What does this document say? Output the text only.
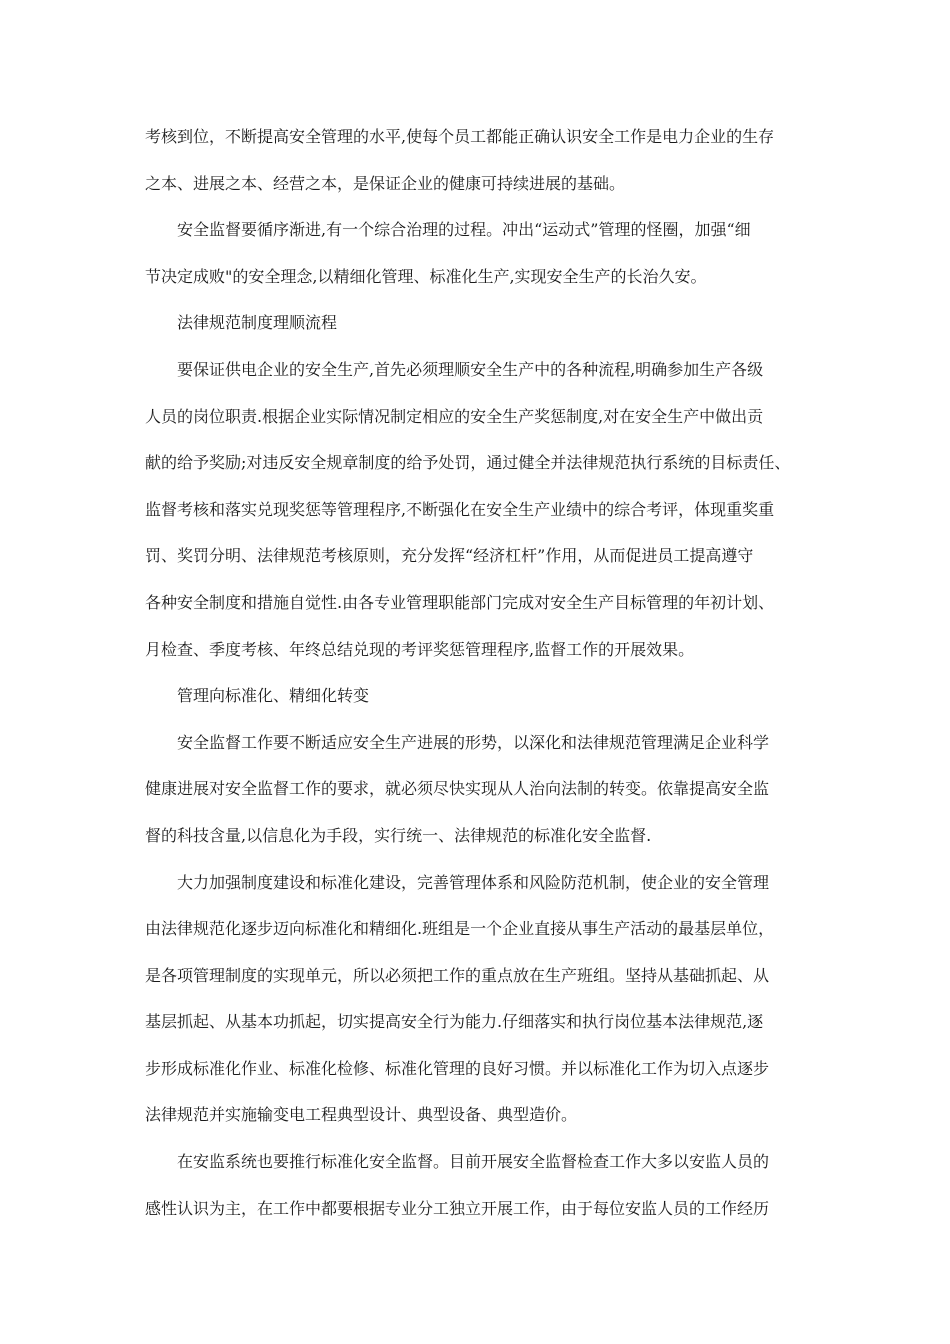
考核到位，不断提高安全管理的水平,使每个员工都能正确认识安全工作是电力企业的生存
之本、进展之本、经营之本，是保证企业的健康可持续进展的基础。
安全监督要循序渐进,有一个综合治理的过程。冲出“运动式”管理的怪圈，加强“细
节决定成败"的安全理念,以精细化管理、标准化生产,实现安全生产的长治久安。
法律规范制度理顺流程
要保证供电企业的安全生产,首先必须理顺安全生产中的各种流程,明确参加生产各级
人员的岗位职责.根据企业实际情况制定相应的安全生产奖惩制度,对在安全生产中做出贡
献的给予奖励;对违反安全规章制度的给予处罚，通过健全并法律规范执行系统的目标责任、
监督考核和落实兑现奖惩等管理程序,不断强化在安全生产业绩中的综合考评，体现重奖重
罚、奖罚分明、法律规范考核原则，充分发挥“经济杠杆”作用，从而促进员工提高遵守
各种安全制度和措施自觉性.由各专业管理职能部门完成对安全生产目标管理的年初计划、
月检查、季度考核、年终总结兑现的考评奖惩管理程序,监督工作的开展效果。
管理向标准化、精细化转变
安全监督工作要不断适应安全生产进展的形势，以深化和法律规范管理满足企业科学
健康进展对安全监督工作的要求，就必须尽快实现从人治向法制的转变。依靠提高安全监
督的科技含量,以信息化为手段，实行统一、法律规范的标准化安全监督.
大力加强制度建设和标准化建设，完善管理体系和风险防范机制，使企业的安全管理
由法律规范化逐步迈向标准化和精细化.班组是一个企业直接从事生产活动的最基层单位，
是各项管理制度的实现单元，所以必须把工作的重点放在生产班组。坚持从基础抓起、从
基层抓起、从基本功抓起，切实提高安全行为能力.仔细落实和执行岗位基本法律规范,逐
步形成标准化作业、标准化检修、标准化管理的良好习惯。并以标准化工作为切入点逐步
法律规范并实施输变电工程典型设计、典型设备、典型造价。
在安监系统也要推行标准化安全监督。目前开展安全监督检查工作大多以安监人员的
感性认识为主，在工作中都要根据专业分工独立开展工作，由于每位安监人员的工作经历
